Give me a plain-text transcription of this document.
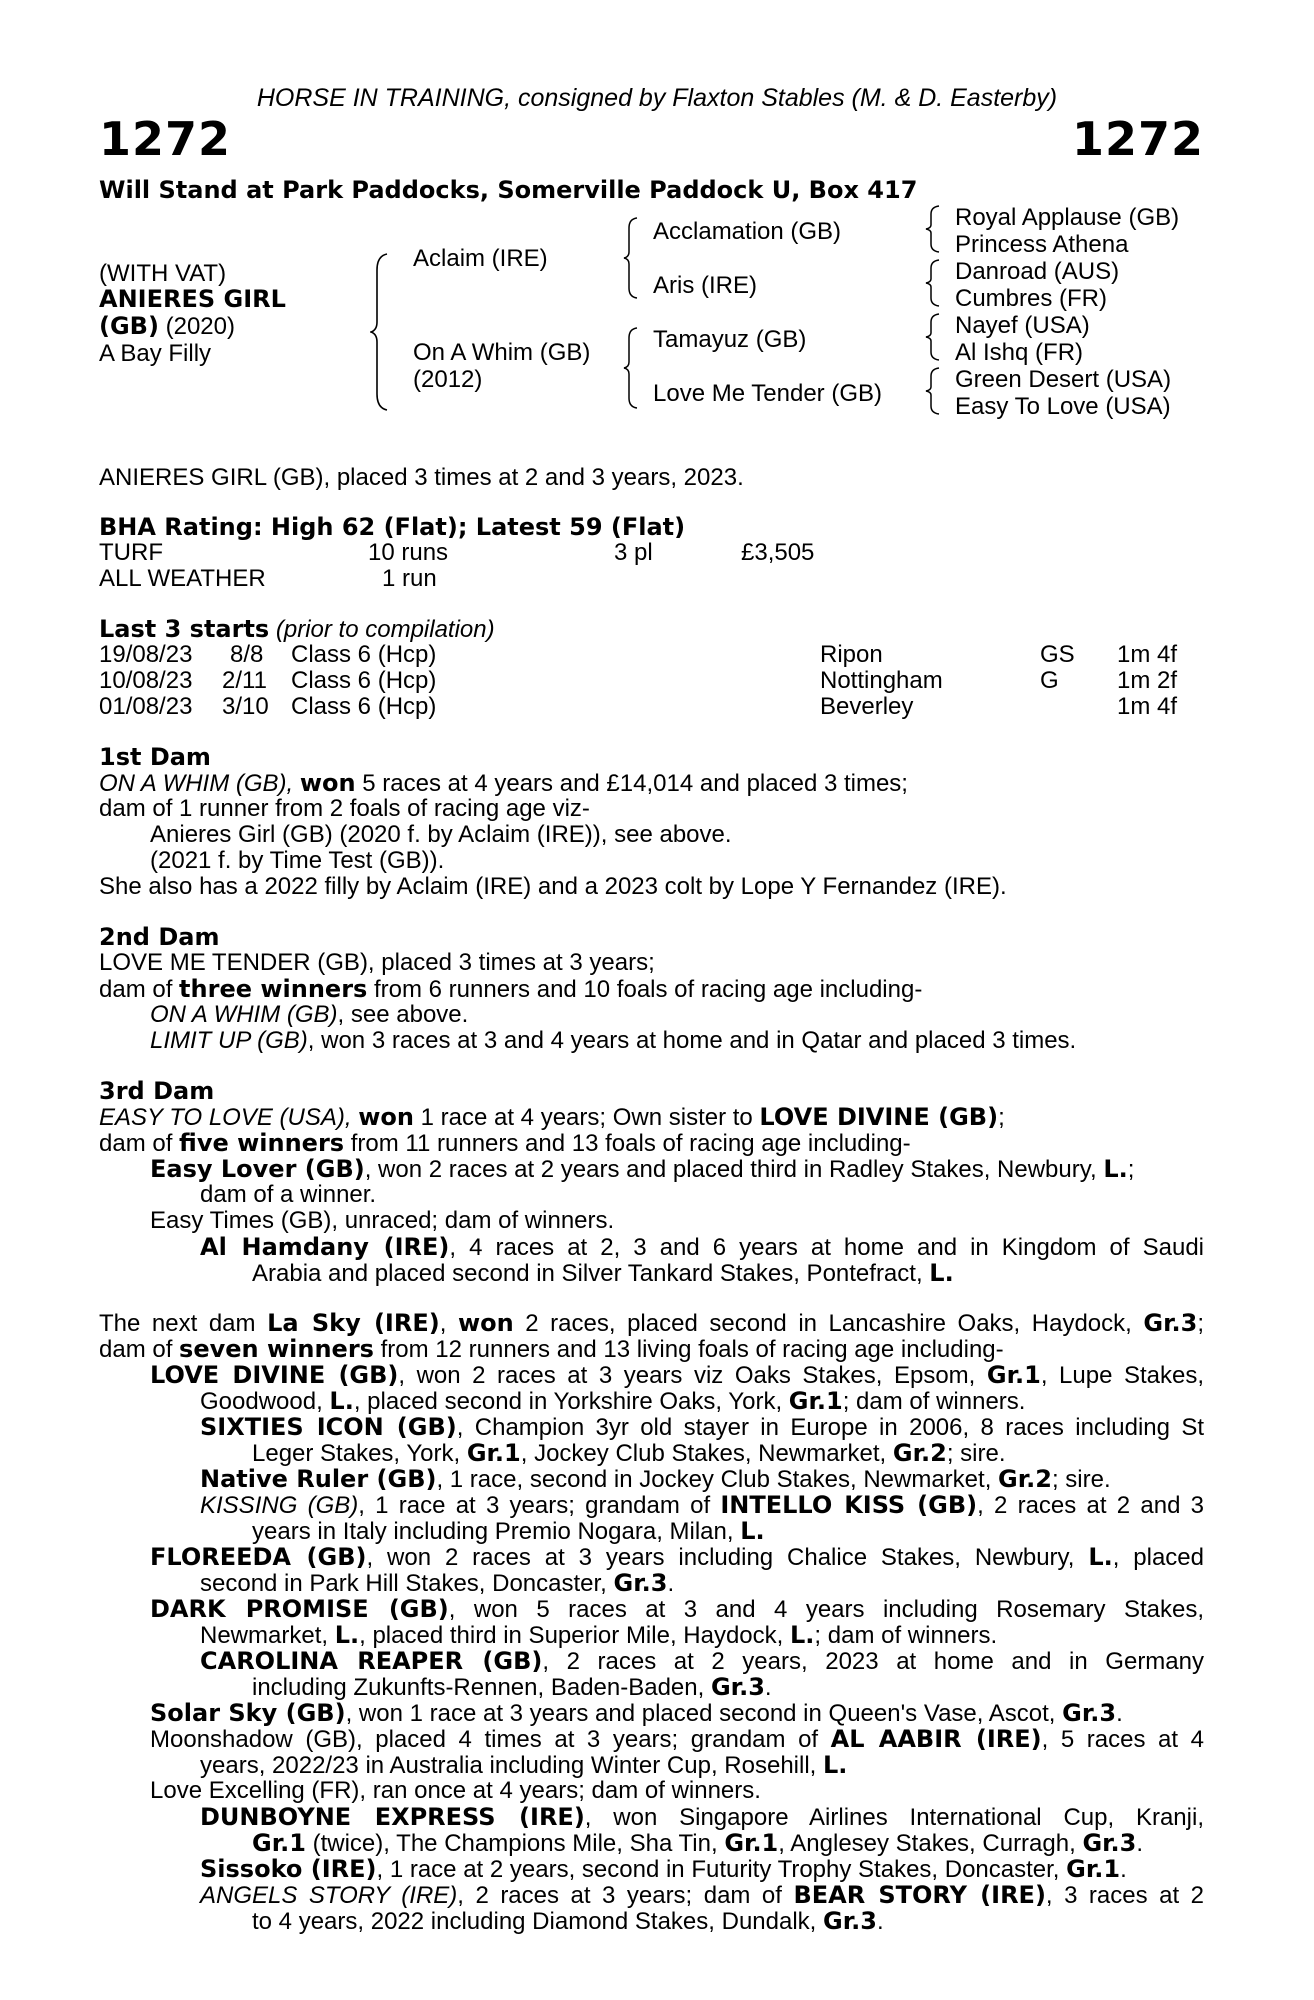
HORSE IN TRAINING, consigned by Flaxton Stables (M. & D. Easterby)
1272	1272
Will Stand at Park Paddocks, Somerville Paddock U, Box 417
(WITH VAT)
ANIERES GIRL
(GB) (2020)
A Bay Filly
Aclaim (IRE)
On A Whim (GB)
(2012)
Acclamation (GB)
Aris (IRE)
Tamayuz (GB)
Love Me Tender (GB)
Royal Applause (GB)
Princess Athena
Danroad (AUS)
Cumbres (FR)
Nayef (USA)
Al Ishq (FR)
Green Desert (USA)
Easy To Love (USA)
ANIERES GIRL (GB), placed 3 times at 2 and 3 years, 2023.
BHA Rating: High 62 (Flat); Latest 59 (Flat)
TURF	10 runs	3 pl	£3,505
ALL WEATHER	1 run
Last 3 starts (prior to compilation)
19/08/23 8/8 Class 6 (Hcp)	Ripon	GS 1m 4f
10/08/23 2/11 Class 6 (Hcp)	Nottingham	G 1m 2f
01/08/23 3/10 Class 6 (Hcp)	Beverley	1m 4f
1st Dam
ON A WHIM (GB), won 5 races at 4 years and £14,014 and placed 3 times;
dam of 1 runner from 2 foals of racing age viz-
Anieres Girl (GB) (2020 f. by Aclaim (IRE)), see above.
(2021 f. by Time Test (GB)).
She also has a 2022 filly by Aclaim (IRE) and a 2023 colt by Lope Y Fernandez (IRE).
2nd Dam
LOVE ME TENDER (GB), placed 3 times at 3 years;
dam of three winners from 6 runners and 10 foals of racing age including-
ON A WHIM (GB), see above.
LIMIT UP (GB), won 3 races at 3 and 4 years at home and in Qatar and placed 3 times.
3rd Dam
EASY TO LOVE (USA), won 1 race at 4 years; Own sister to LOVE DIVINE (GB);
dam of five winners from 11 runners and 13 foals of racing age including-
Easy Lover (GB), won 2 races at 2 years and placed third in Radley Stakes, Newbury, L.;
dam of a winner.
Easy Times (GB), unraced; dam of winners.
Al Hamdany (IRE), 4 races at 2, 3 and 6 years at home and in Kingdom of Saudi
Arabia and placed second in Silver Tankard Stakes, Pontefract, L.
The next dam La Sky (IRE), won 2 races, placed second in Lancashire Oaks, Haydock, Gr.3;
dam of seven winners from 12 runners and 13 living foals of racing age including-
LOVE DIVINE (GB), won 2 races at 3 years viz Oaks Stakes, Epsom, Gr.1, Lupe Stakes,
Goodwood, L., placed second in Yorkshire Oaks, York, Gr.1; dam of winners.
SIXTIES ICON (GB), Champion 3yr old stayer in Europe in 2006, 8 races including St
Leger Stakes, York, Gr.1, Jockey Club Stakes, Newmarket, Gr.2; sire.
Native Ruler (GB), 1 race, second in Jockey Club Stakes, Newmarket, Gr.2; sire.
KISSING (GB), 1 race at 3 years; grandam of INTELLO KISS (GB), 2 races at 2 and 3
years in Italy including Premio Nogara, Milan, L.
FLOREEDA (GB), won 2 races at 3 years including Chalice Stakes, Newbury, L., placed
second in Park Hill Stakes, Doncaster, Gr.3.
DARK PROMISE (GB), won 5 races at 3 and 4 years including Rosemary Stakes,
Newmarket, L., placed third in Superior Mile, Haydock, L.; dam of winners.
CAROLINA REAPER (GB), 2 races at 2 years, 2023 at home and in Germany
including Zukunfts-Rennen, Baden-Baden, Gr.3.
Solar Sky (GB), won 1 race at 3 years and placed second in Queen's Vase, Ascot, Gr.3.
Moonshadow (GB), placed 4 times at 3 years; grandam of AL AABIR (IRE), 5 races at 4
years, 2022/23 in Australia including Winter Cup, Rosehill, L.
Love Excelling (FR), ran once at 4 years; dam of winners.
DUNBOYNE EXPRESS (IRE), won Singapore Airlines International Cup, Kranji,
Gr.1 (twice), The Champions Mile, Sha Tin, Gr.1, Anglesey Stakes, Curragh, Gr.3.
Sissoko (IRE), 1 race at 2 years, second in Futurity Trophy Stakes, Doncaster, Gr.1.
ANGELS STORY (IRE), 2 races at 3 years; dam of BEAR STORY (IRE), 3 races at 2
to 4 years, 2022 including Diamond Stakes, Dundalk, Gr.3.
